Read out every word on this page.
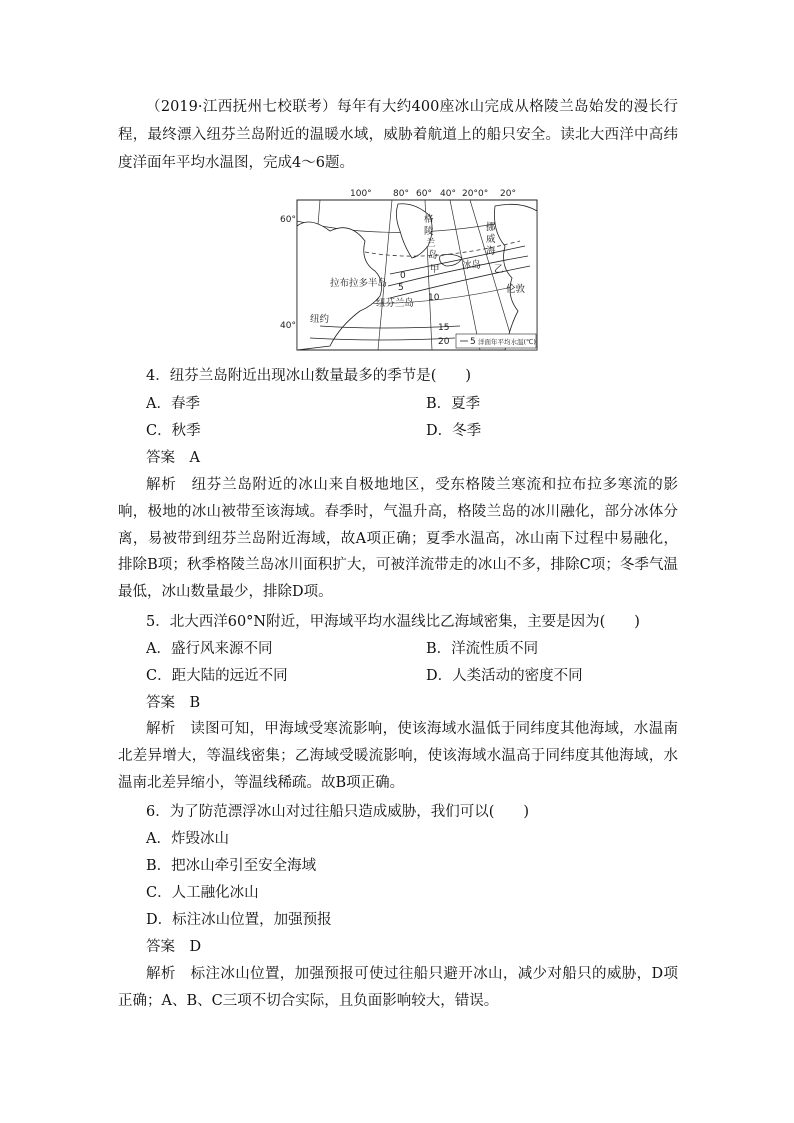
（2019·江西抚州七校联考）每年有大约400座冰山完成从格陵兰岛始发的漫长行程，最终漂入纽芬兰岛附近的温暖水域，威胁着航道上的船只安全。读北大西洋中高纬度洋面年平均水温图，完成4～6题。
100° 80° 60° 40° 20° 0° 20°
60°
40°
格
陵
兰
岛
挪
威
海
甲 冰岛 乙
拉布拉多半岛
纽芬兰岛
伦敦
纽约
0
5
10
15
20 5 洋面年平均水温(℃)
4．纽芬兰岛附近出现冰山数量最多的季节是(　　)
A．春季	B．夏季
C．秋季	D．冬季
答案　A
解析　纽芬兰岛附近的冰山来自极地地区，受东格陵兰寒流和拉布拉多寒流的影响，极地的冰山被带至该海域。春季时，气温升高，格陵兰岛的冰川融化，部分冰体分离，易被带到纽芬兰岛附近海域，故A项正确；夏季水温高，冰山南下过程中易融化，排除B项；秋季格陵兰岛冰川面积扩大，可被洋流带走的冰山不多，排除C项；冬季气温最低，冰山数量最少，排除D项。
5．北大西洋60°N附近，甲海域平均水温线比乙海域密集，主要是因为(　　)
A．盛行风来源不同	B．洋流性质不同
C．距大陆的远近不同	D．人类活动的密度不同
答案　B
解析　读图可知，甲海域受寒流影响，使该海域水温低于同纬度其他海域，水温南北差异增大，等温线密集；乙海域受暖流影响，使该海域水温高于同纬度其他海域，水温南北差异缩小，等温线稀疏。故B项正确。
6．为了防范漂浮冰山对过往船只造成威胁，我们可以(　　)
A．炸毁冰山
B．把冰山牵引至安全海域
C．人工融化冰山
D．标注冰山位置，加强预报
答案　D
解析　标注冰山位置，加强预报可使过往船只避开冰山，减少对船只的威胁，D项正确；A、B、C三项不切合实际，且负面影响较大，错误。
